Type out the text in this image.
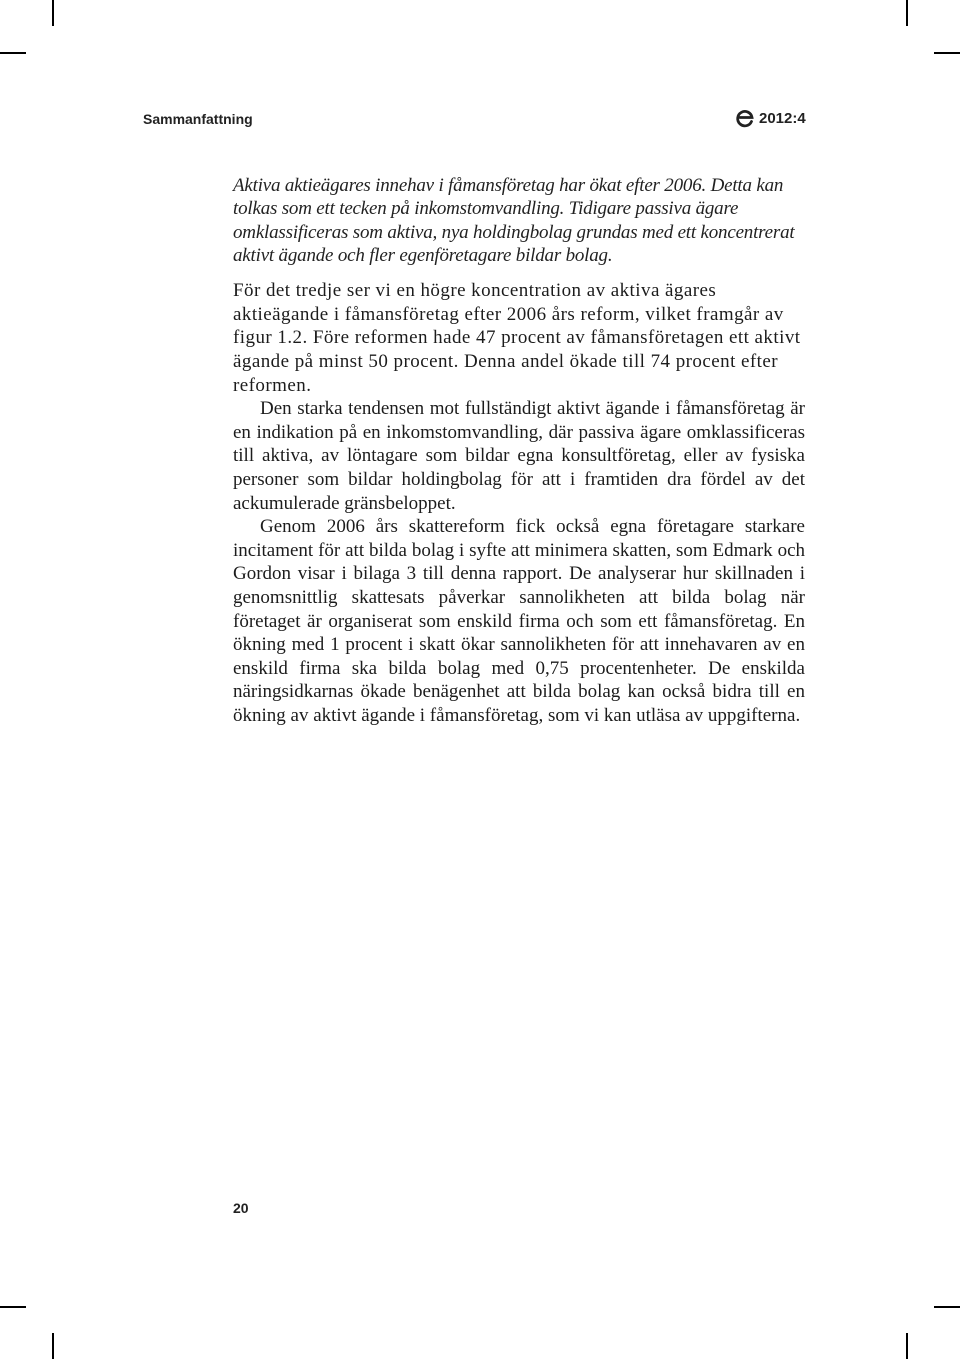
Sammanfattning	2012:4

Aktiva aktieägares innehav i fåmansföretag har ökat efter 2006. Detta kan tolkas som ett tecken på inkomstomvandling. Tidigare passiva ägare omklassificeras som aktiva, nya holdingbolag grundas med ett koncentrerat aktivt ägande och fler egenföretagare bildar bolag.

För det tredje ser vi en högre koncentration av aktiva ägares aktieägande i fåmansföretag efter 2006 års reform, vilket framgår av figur 1.2. Före reformen hade 47 procent av fåmansföretagen ett aktivt ägande på minst 50 procent. Denna andel ökade till 74 procent efter reformen.

Den starka tendensen mot fullständigt aktivt ägande i fåmansföretag är en indikation på en inkomstomvandling, där passiva ägare omklassificeras till aktiva, av löntagare som bildar egna konsultföretag, eller av fysiska personer som bildar holdingbolag för att i framtiden dra fördel av det ackumulerade gränsbeloppet.

Genom 2006 års skattereform fick också egna företagare starkare incitament för att bilda bolag i syfte att minimera skatten, som Edmark och Gordon visar i bilaga 3 till denna rapport. De analyserar hur skillnaden i genomsnittlig skattesats påverkar sannolikheten att bilda bolag när företaget är organiserat som enskild firma och som ett fåmansföretag. En ökning med 1 procent i skatt ökar sannolikheten för att innehavaren av en enskild firma ska bilda bolag med 0,75 procentenheter. De enskilda näringsidkarnas ökade benägenhet att bilda bolag kan också bidra till en ökning av aktivt ägande i fåmansföretag, som vi kan utläsa av uppgifterna.

20
